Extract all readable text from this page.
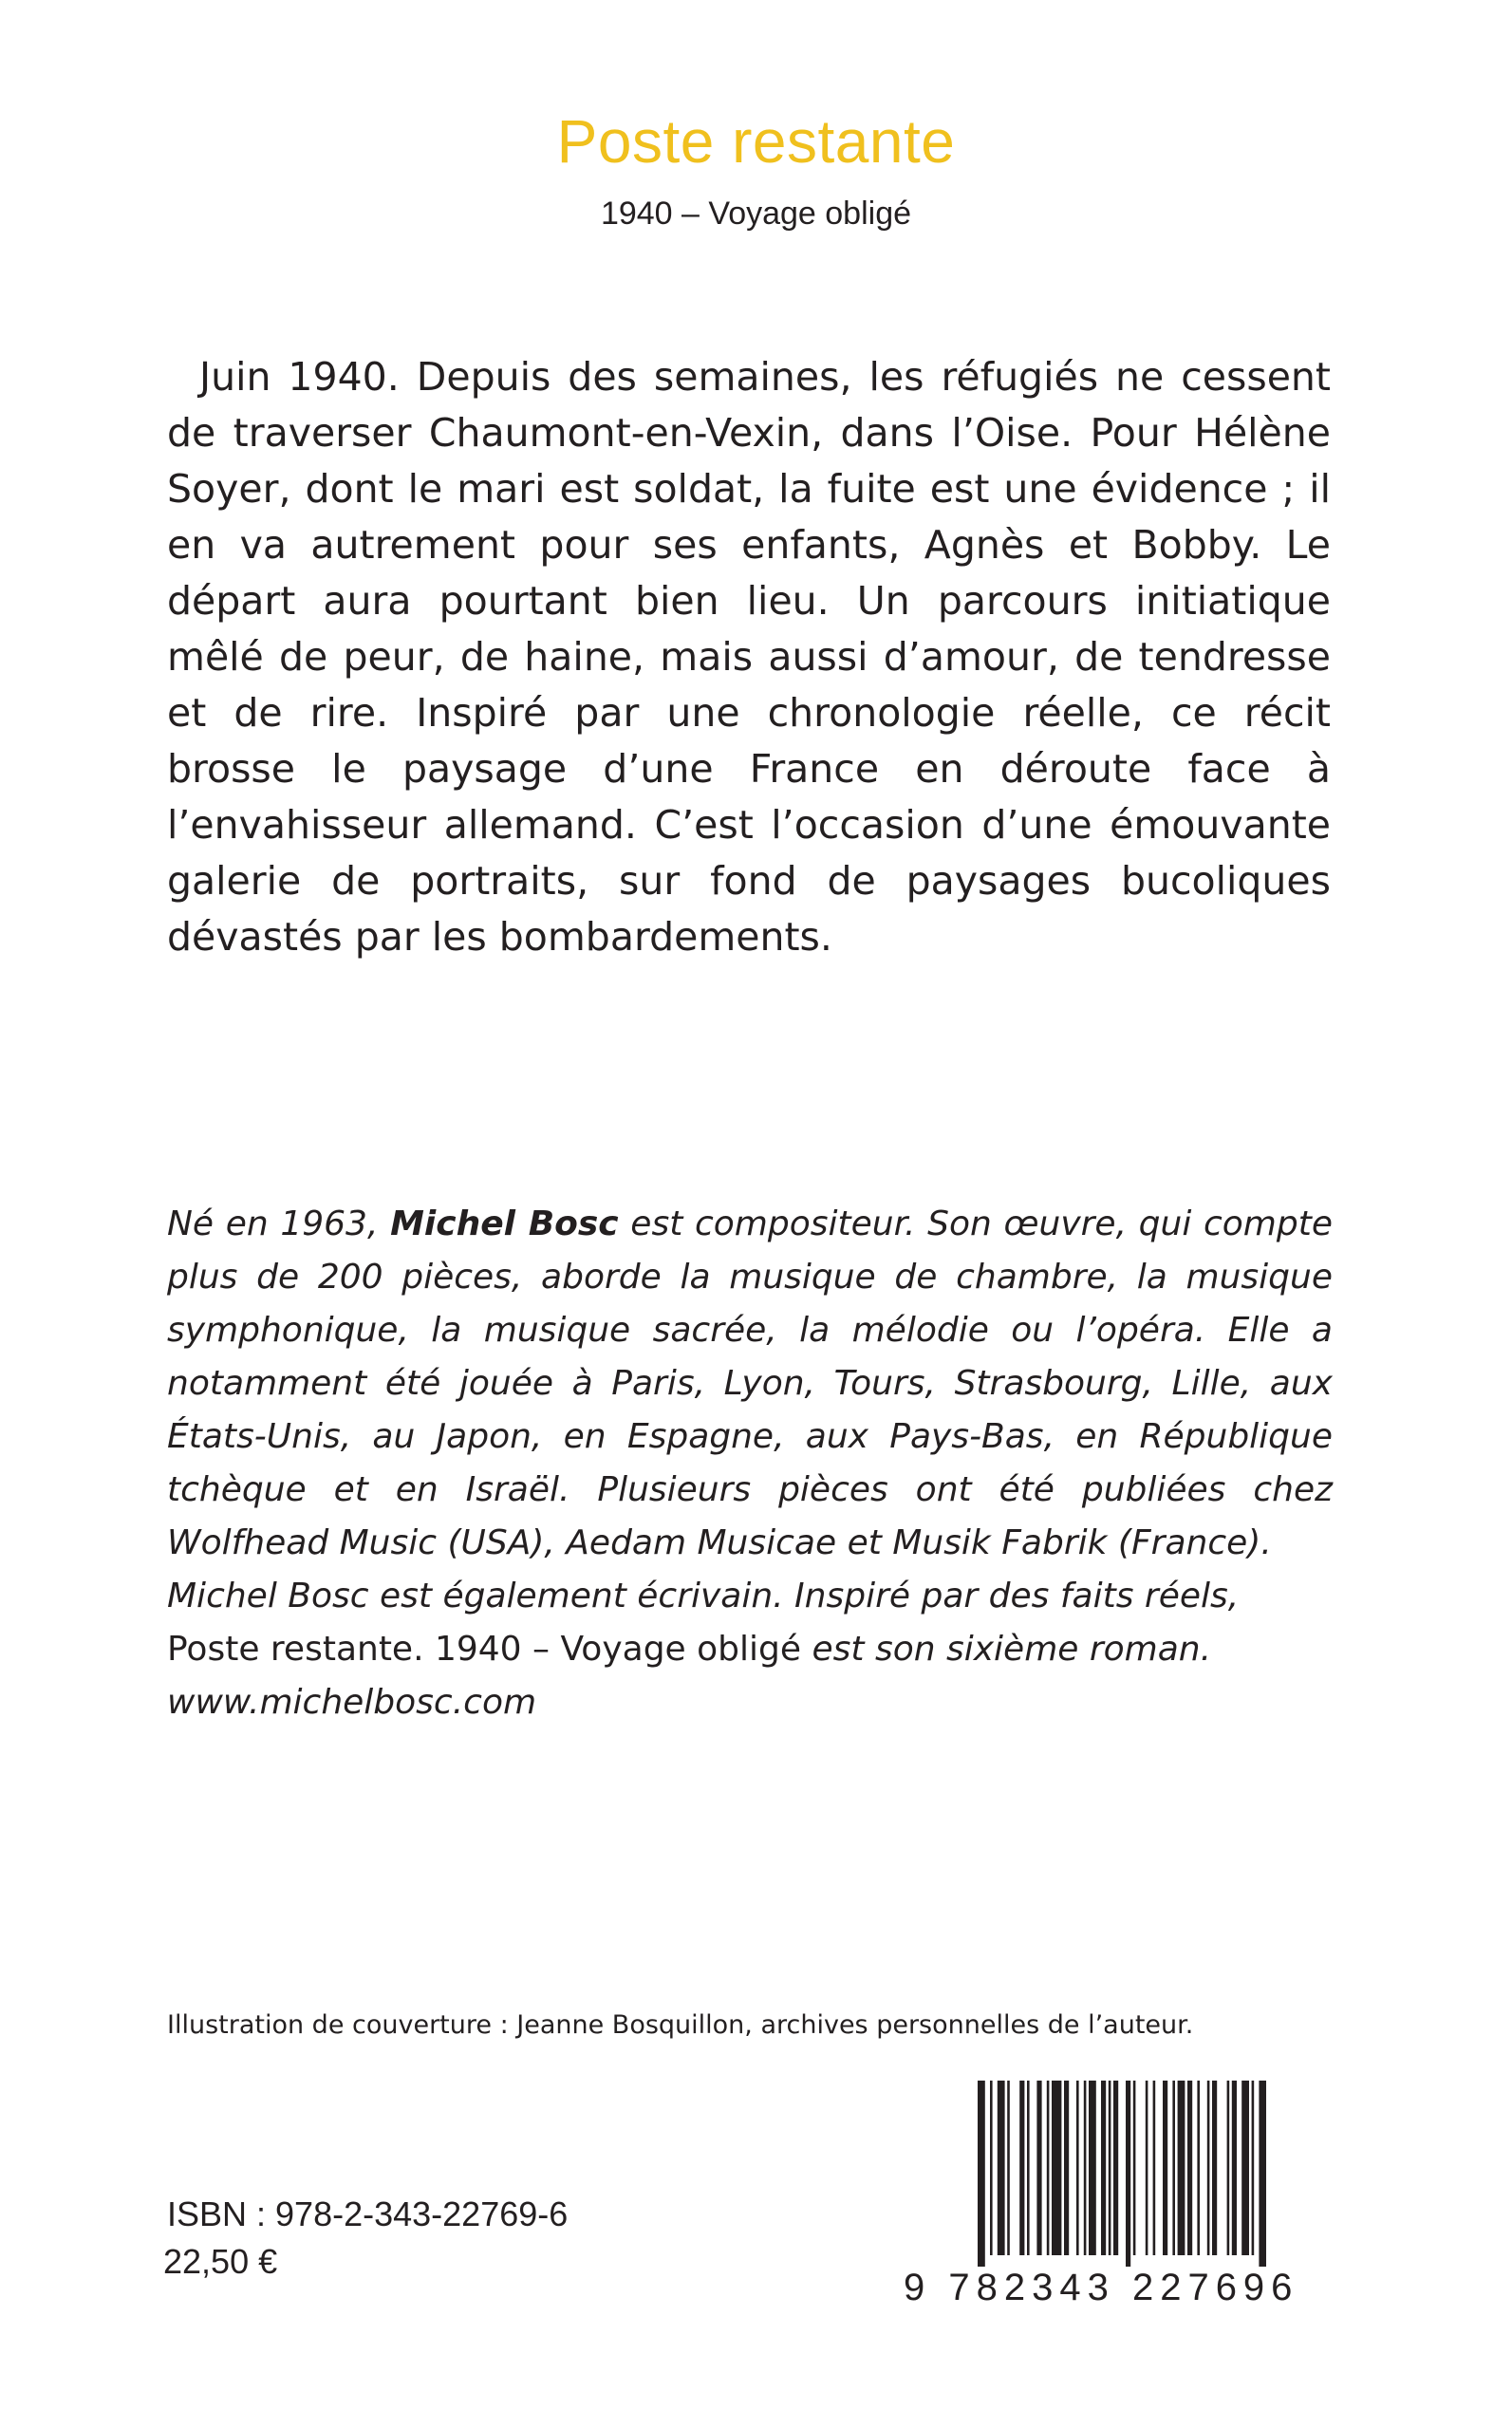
Poste restante
1940 – Voyage obligé

Juin 1940. Depuis des semaines, les réfugiés ne cessent de traverser Chaumont-en-Vexin, dans l’Oise. Pour Hélène Soyer, dont le mari est soldat, la fuite est une évidence ; il en va autrement pour ses enfants, Agnès et Bobby. Le départ aura pourtant bien lieu. Un parcours initiatique mêlé de peur, de haine, mais aussi d’amour, de tendresse et de rire. Inspiré par une chronologie réelle, ce récit brosse le paysage d’une France en déroute face à l’envahisseur allemand. C’est l’occasion d’une émouvante galerie de portraits, sur fond de paysages bucoliques dévastés par les bombardements.

Né en 1963, Michel Bosc est compositeur. Son œuvre, qui compte plus de 200 pièces, aborde la musique de chambre, la musique symphonique, la musique sacrée, la mélodie ou l’opéra. Elle a notamment été jouée à Paris, Lyon, Tours, Strasbourg, Lille, aux États-Unis, au Japon, en Espagne, aux Pays-Bas, en République tchèque et en Israël. Plusieurs pièces ont été publiées chez Wolfhead Music (USA), Aedam Musicae et Musik Fabrik (France).

Michel Bosc est également écrivain. Inspiré par des faits réels, Poste restante. 1940 – Voyage obligé est son sixième roman.

www.michelbosc.com
Illustration de couverture : Jeanne Bosquillon, archives personnelles de l’auteur.
ISBN : 978-2-343-22769-6
22,50 €
9 782343 227696
